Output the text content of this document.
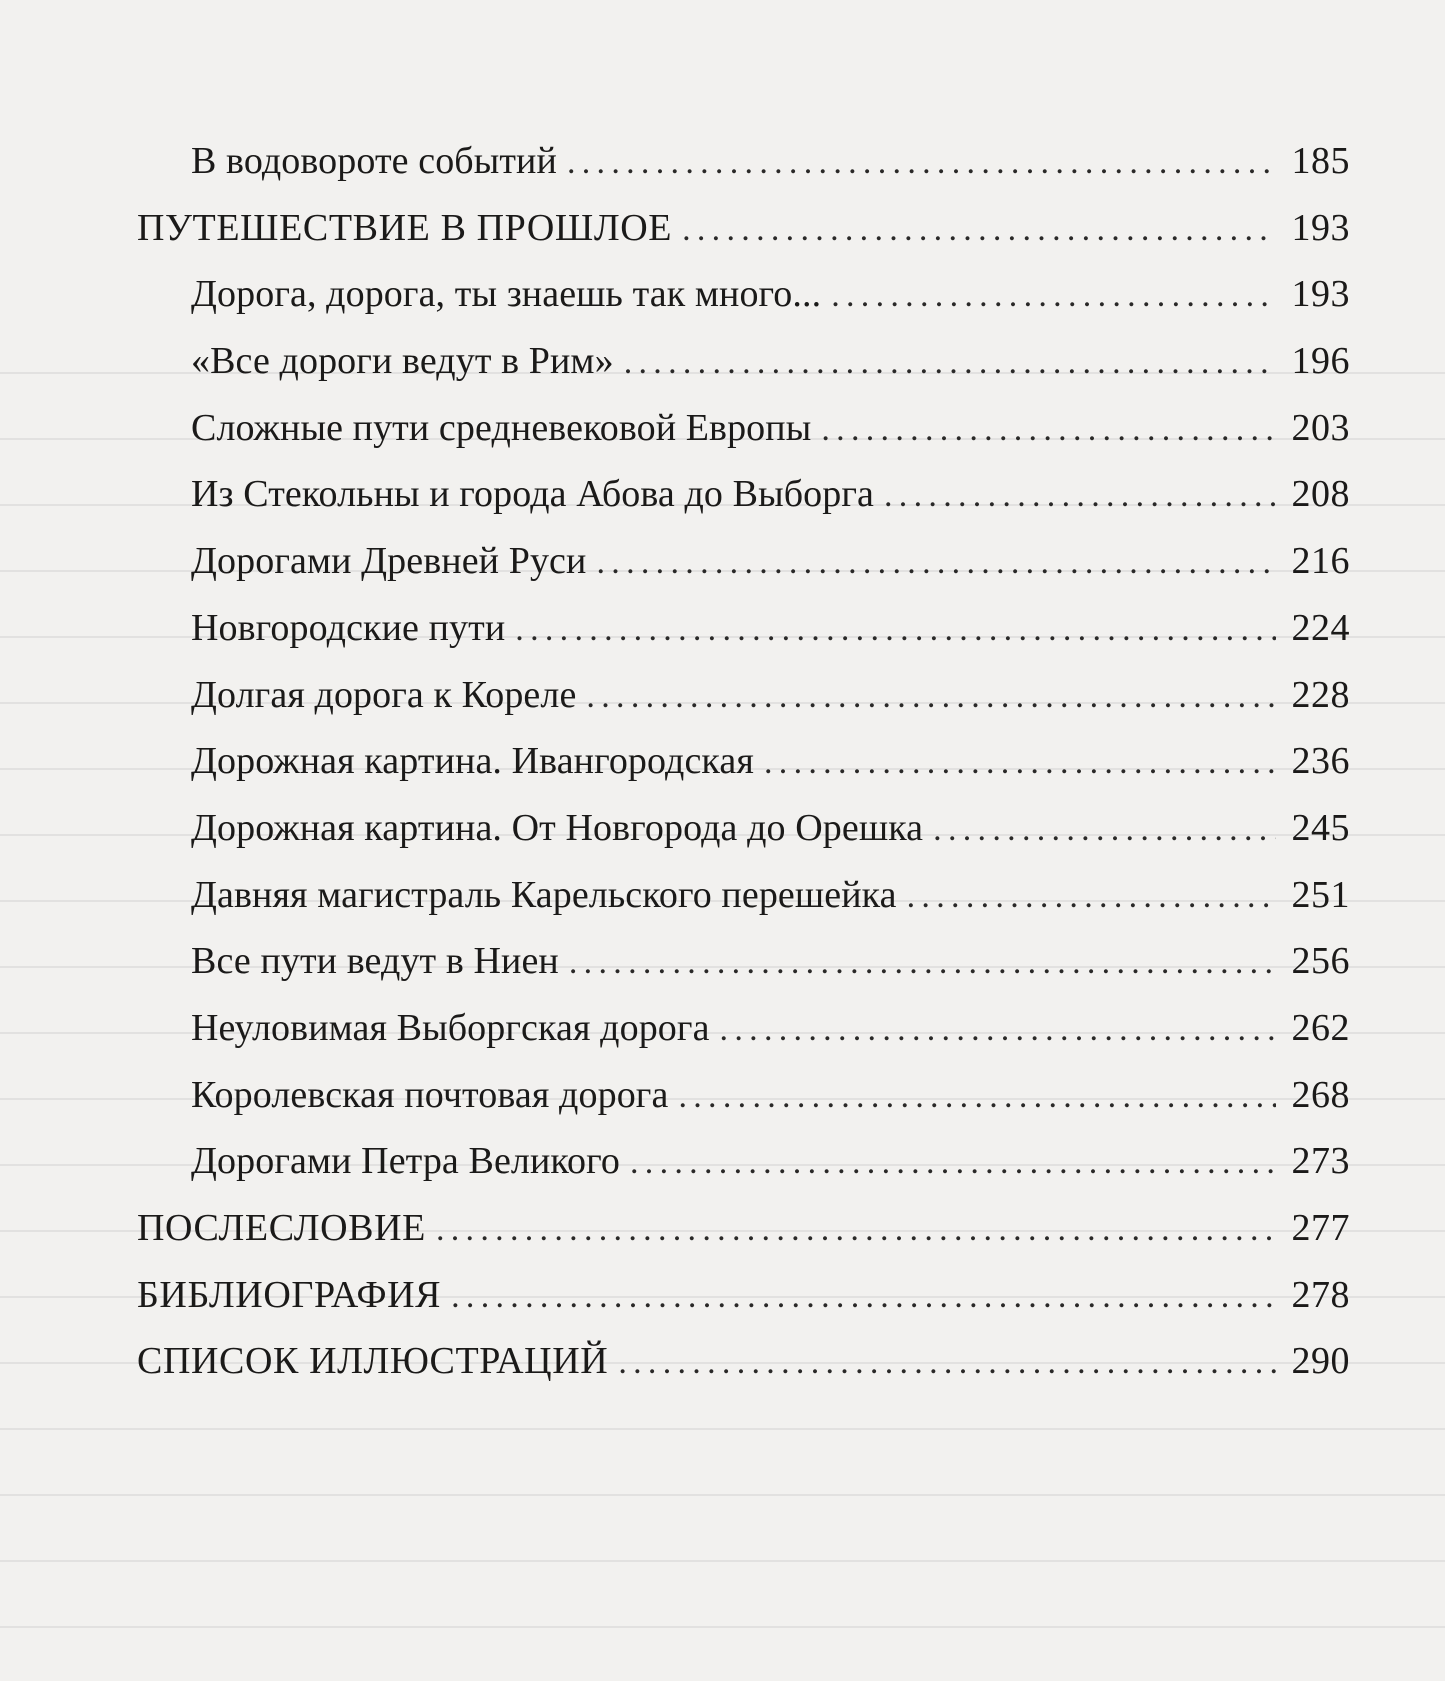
В водовороте событий . . .	185
ПУТЕШЕСТВИЕ В ПРОШЛОЕ . . .	193
Дорога, дорога, ты знаешь так много... . . .	193
«Все дороги ведут в Рим» . . .	196
Сложные пути средневековой Европы . . .	203
Из Стекольны и города Абова до Выборга . . .	208
Дорогами Древней Руси . . .	216
Новгородские пути . . .	224
Долгая дорога к Кореле . . .	228
Дорожная картина. Ивангородская . . .	236
Дорожная картина. От Новгорода до Орешка . . .	245
Давняя магистраль Карельского перешейка . . .	251
Все пути ведут в Ниен . . .	256
Неуловимая Выборгская дорога . . .	262
Королевская почтовая дорога . . .	268
Дорогами Петра Великого . . .	273
ПОСЛЕСЛОВИЕ . . .	277
БИБЛИОГРАФИЯ . . .	278
СПИСОК ИЛЛЮСТРАЦИЙ . . .	290
